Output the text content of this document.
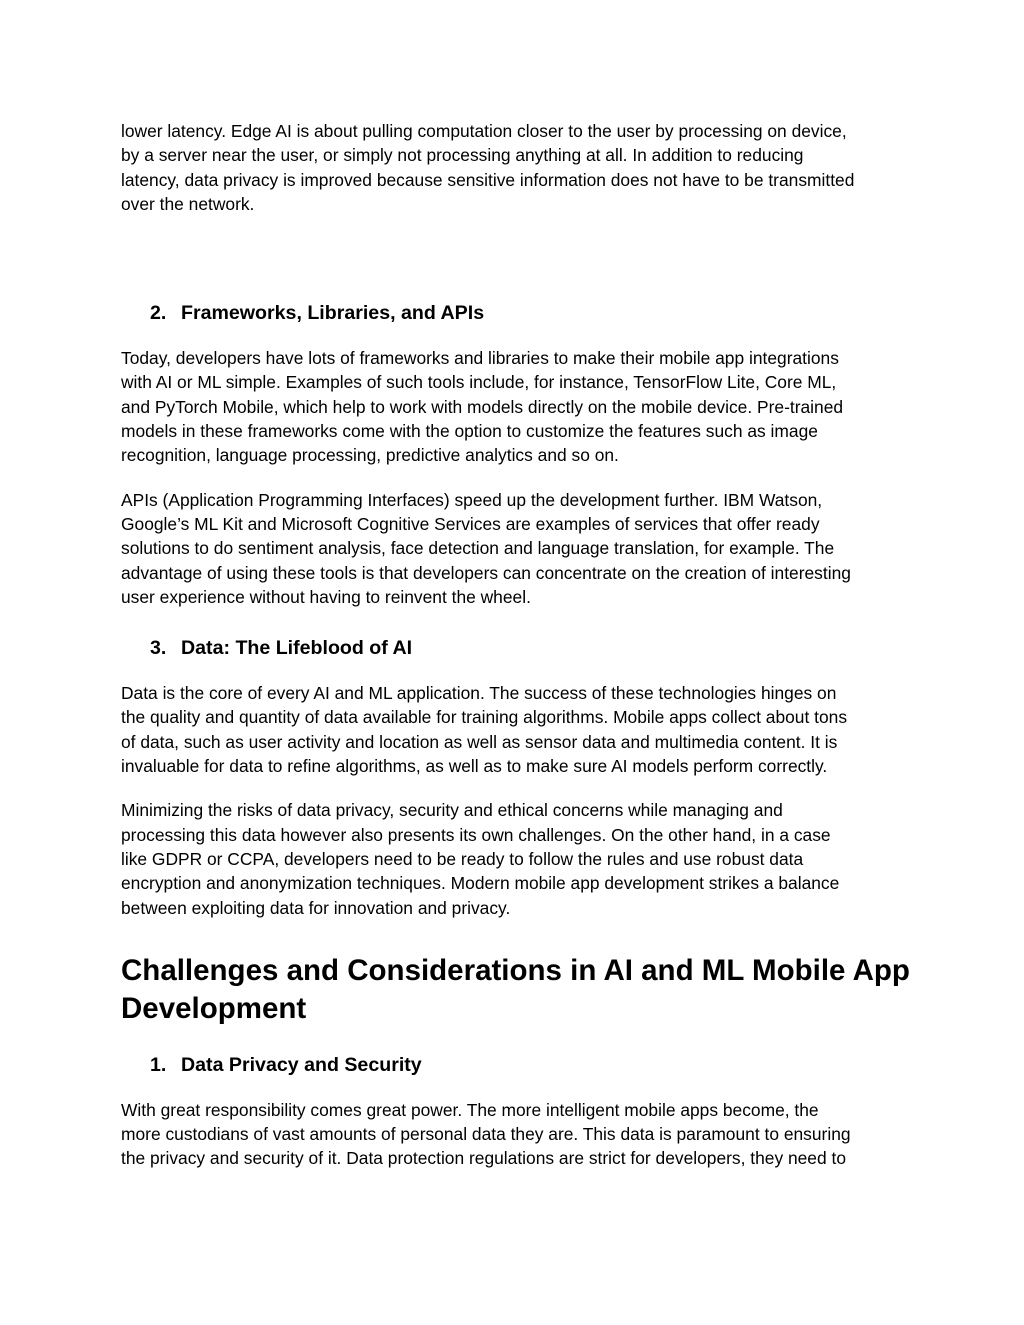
lower latency. Edge AI is about pulling computation closer to the user by processing on device,
by a server near the user, or simply not processing anything at all. In addition to reducing
latency, data privacy is improved because sensitive information does not have to be transmitted
over the network.

2. Frameworks, Libraries, and APIs

Today, developers have lots of frameworks and libraries to make their mobile app integrations
with AI or ML simple. Examples of such tools include, for instance, TensorFlow Lite, Core ML,
and PyTorch Mobile, which help to work with models directly on the mobile device. Pre-trained
models in these frameworks come with the option to customize the features such as image
recognition, language processing, predictive analytics and so on.

APIs (Application Programming Interfaces) speed up the development further. IBM Watson,
Google’s ML Kit and Microsoft Cognitive Services are examples of services that offer ready
solutions to do sentiment analysis, face detection and language translation, for example. The
advantage of using these tools is that developers can concentrate on the creation of interesting
user experience without having to reinvent the wheel.

3. Data: The Lifeblood of AI

Data is the core of every AI and ML application. The success of these technologies hinges on
the quality and quantity of data available for training algorithms. Mobile apps collect about tons
of data, such as user activity and location as well as sensor data and multimedia content. It is
invaluable for data to refine algorithms, as well as to make sure AI models perform correctly.

Minimizing the risks of data privacy, security and ethical concerns while managing and
processing this data however also presents its own challenges. On the other hand, in a case
like GDPR or CCPA, developers need to be ready to follow the rules and use robust data
encryption and anonymization techniques. Modern mobile app development strikes a balance
between exploiting data for innovation and privacy.

Challenges and Considerations in AI and ML Mobile App
Development
1. Data Privacy and Security

With great responsibility comes great power. The more intelligent mobile apps become, the
more custodians of vast amounts of personal data they are. This data is paramount to ensuring
the privacy and security of it. Data protection regulations are strict for developers, they need to
